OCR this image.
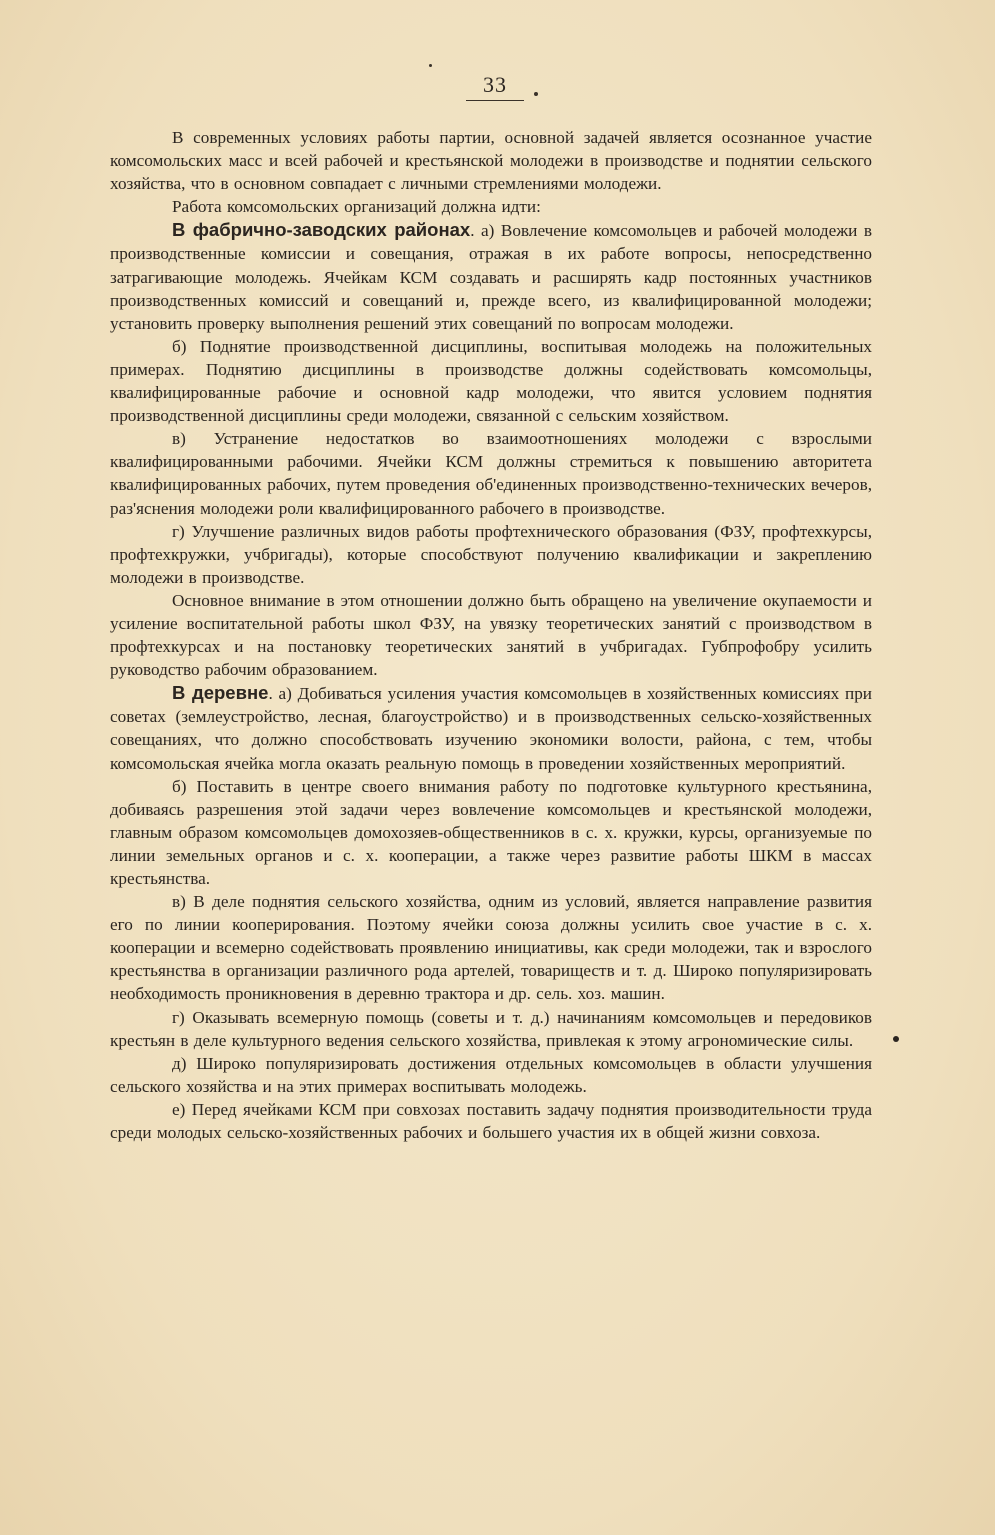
33

В современных условиях работы партии, основной задачей является осознанное участие комсомольских масс и всей рабочей и крестьянской молодежи в производстве и поднятии сельского хозяйства, что в основном совпадает с личными стремлениями молодежи.

Работа комсомольских организаций должна идти:

В фабрично-заводских районах. а) Вовлечение комсомольцев и рабочей молодежи в производственные комиссии и совещания, отражая в их работе вопросы, непосредственно затрагивающие молодежь. Ячейкам КСМ создавать и расширять кадр постоянных участников производственных комиссий и совещаний и, прежде всего, из квалифицированной молодежи; установить проверку выполнения решений этих совещаний по вопросам молодежи.

б) Поднятие производственной дисциплины, воспитывая молодежь на положительных примерах. Поднятию дисциплины в производстве должны содействовать комсомольцы, квалифицированные рабочие и основной кадр молодежи, что явится условием поднятия производственной дисциплины среди молодежи, связанной с сельским хозяйством.

в) Устранение недостатков во взаимоотношениях молодежи с взрослыми квалифицированными рабочими. Ячейки КСМ должны стремиться к повышению авторитета квалифицированных рабочих, путем проведения об'единенных производственно-технических вечеров, раз'яснения молодежи роли квалифицированного рабочего в производстве.

г) Улучшение различных видов работы профтехнического образования (ФЗУ, профтехкурсы, профтехкружки, учбригады), которые способствуют получению квалификации и закреплению молодежи в производстве.

Основное внимание в этом отношении должно быть обращено на увеличение окупаемости и усиление воспитательной работы школ ФЗУ, на увязку теоретических занятий с производством в профтехкурсах и на постановку теоретических занятий в учбригадах. Губпрофобру усилить руководство рабочим образованием.

В деревне. а) Добиваться усиления участия комсомольцев в хозяйственных комиссиях при советах (землеустройство, лесная, благоустройство) и в производственных сельско-хозяйственных совещаниях, что должно способствовать изучению экономики волости, района, с тем, чтобы комсомольская ячейка могла оказать реальную помощь в проведении хозяйственных мероприятий.

б) Поставить в центре своего внимания работу по подготовке культурного крестьянина, добиваясь разрешения этой задачи через вовлечение комсомольцев и крестьянской молодежи, главным образом комсомольцев домохозяев-общественников в с. х. кружки, курсы, организуемые по линии земельных органов и с. х. кооперации, а также через развитие работы ШКМ в массах крестьянства.

в) В деле поднятия сельского хозяйства, одним из условий, является направление развития его по линии кооперирования. Поэтому ячейки союза должны усилить свое участие в с. х. кооперации и всемерно содействовать проявлению инициативы, как среди молодежи, так и взрослого крестьянства в организации различного рода артелей, товариществ и т. д. Широко популяризировать необходимость проникновения в деревню трактора и др. сель. хоз. машин.

г) Оказывать всемерную помощь (советы и т. д.) начинаниям комсомольцев и передовиков крестьян в деле культурного ведения сельского хозяйства, привлекая к этому агрономические силы.

д) Широко популяризировать достижения отдельных комсомольцев в области улучшения сельского хозяйства и на этих примерах воспитывать молодежь.

е) Перед ячейками КСМ при совхозах поставить задачу поднятия производительности труда среди молодых сельско-хозяйственных рабочих и большего участия их в общей жизни совхоза.
